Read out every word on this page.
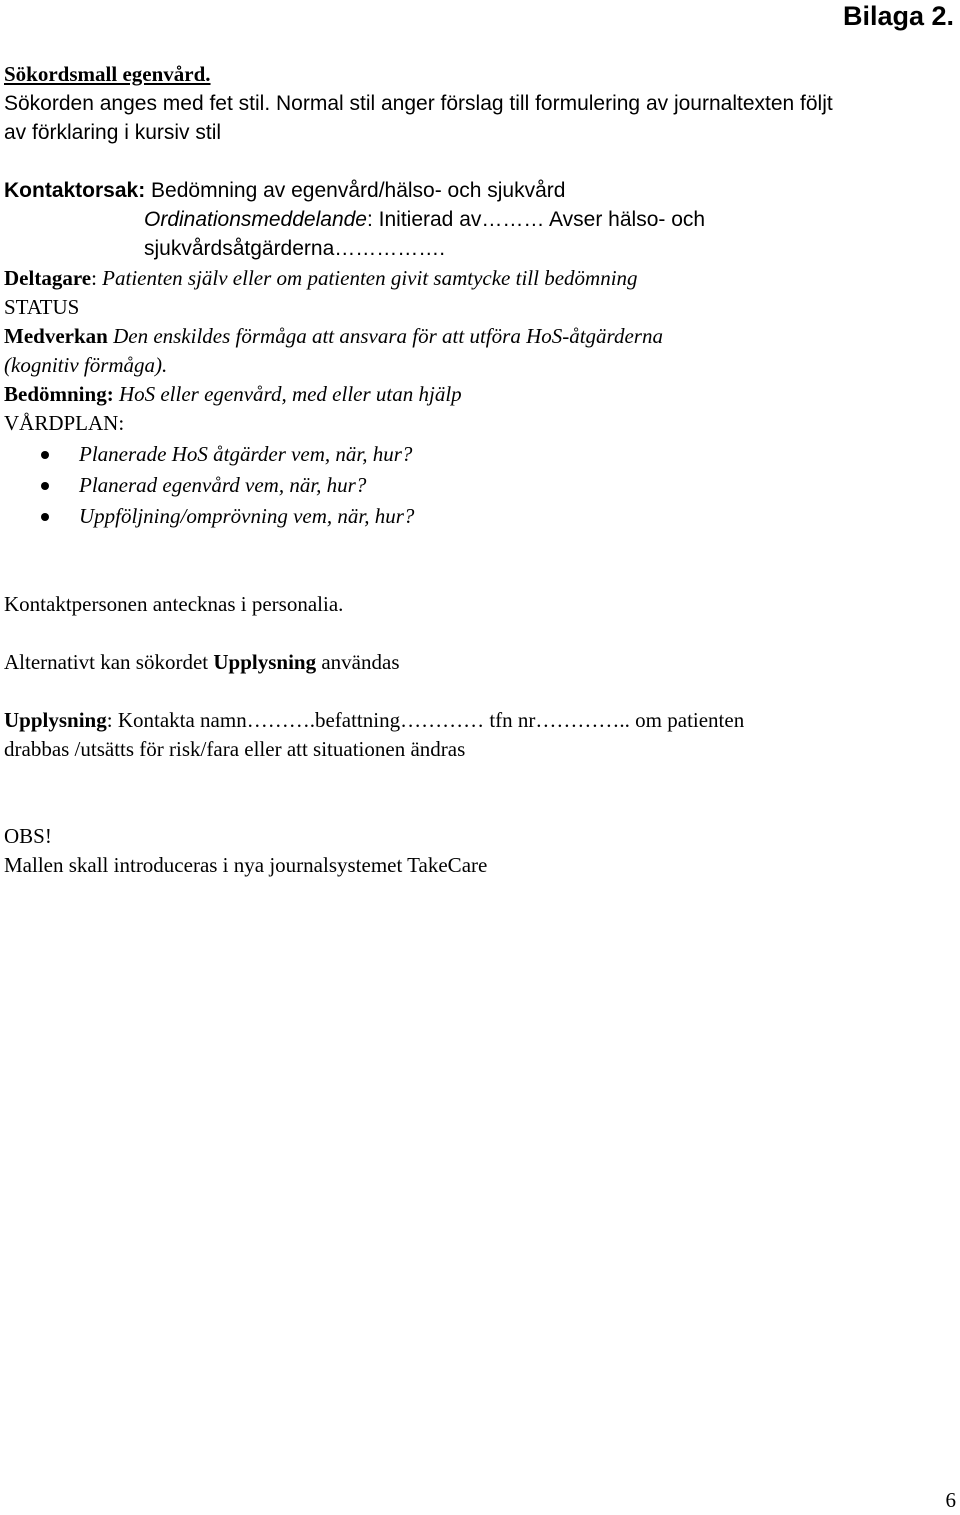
Bilaga 2.
Sökordsmall egenvård.
Sökorden anges med fet stil. Normal stil anger förslag till formulering av journaltexten följt
av förklaring i kursiv stil
Kontaktorsak: Bedömning av egenvård/hälso- och sjukvård
Ordinationsmeddelande: Initierad av……… Avser hälso- och
sjukvårdsåtgärderna…………….
Deltagare: Patienten själv eller om patienten givit samtycke till bedömning
STATUS
Medverkan Den enskildes förmåga att ansvara för att utföra HoS-åtgärderna
(kognitiv förmåga).
Bedömning: HoS eller egenvård, med eller utan hjälp
VÅRDPLAN:
Planerade HoS åtgärder vem, när, hur?
Planerad egenvård vem, när, hur?
Uppföljning/omprövning vem, när, hur?
Kontaktpersonen antecknas i personalia.
Alternativt kan sökordet Upplysning användas
Upplysning: Kontakta namn……….befattning………… tfn nr………….. om patienten
drabbas /utsätts för risk/fara eller att situationen ändras
OBS!
Mallen skall introduceras i nya journalsystemet TakeCare
6
